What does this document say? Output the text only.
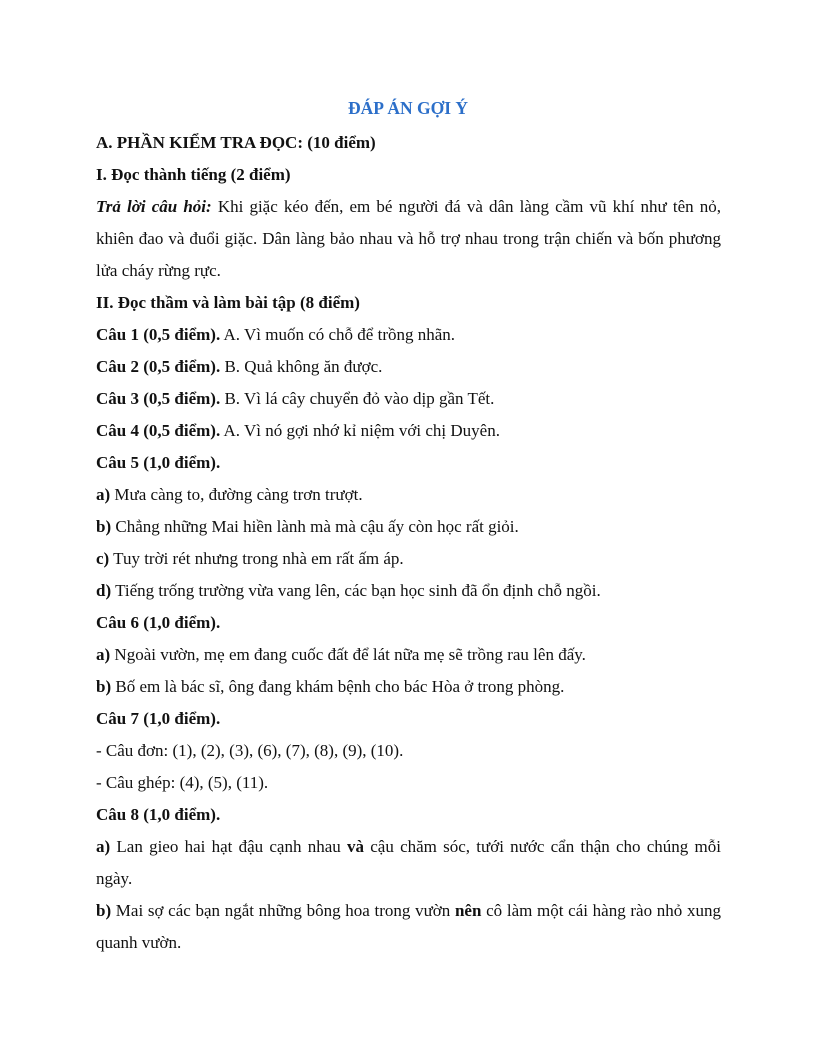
ĐÁP ÁN GỢI Ý

A. PHẦN KIỂM TRA ĐỌC: (10 điểm)

I. Đọc thành tiếng (2 điểm)

Trả lời câu hỏi: Khi giặc kéo đến, em bé người đá và dân làng cầm vũ khí như tên nỏ, khiên đao và đuổi giặc. Dân làng bảo nhau và hỗ trợ nhau trong trận chiến và bốn phương lửa cháy rừng rực.

II. Đọc thầm và làm bài tập (8 điểm)

Câu 1 (0,5 điểm). A. Vì muốn có chỗ để trồng nhãn.

Câu 2 (0,5 điểm). B. Quả không ăn được.

Câu 3 (0,5 điểm). B. Vì lá cây chuyển đỏ vào dịp gần Tết.

Câu 4 (0,5 điểm). A. Vì nó gợi nhớ kỉ niệm với chị Duyên.

Câu 5 (1,0 điểm).

a) Mưa càng to, đường càng trơn trượt.

b) Chẳng những Mai hiền lành mà mà cậu ấy còn học rất giỏi.

c) Tuy trời rét nhưng trong nhà em rất ấm áp.

d) Tiếng trống trường vừa vang lên, các bạn học sinh đã ổn định chỗ ngồi.

Câu 6 (1,0 điểm).

a) Ngoài vườn, mẹ em đang cuốc đất để lát nữa mẹ sẽ trồng rau lên đấy.

b) Bố em là bác sĩ, ông đang khám bệnh cho bác Hòa ở trong phòng.

Câu 7 (1,0 điểm).

- Câu đơn: (1), (2), (3), (6), (7), (8), (9), (10).

- Câu ghép: (4), (5), (11).

Câu 8 (1,0 điểm).

a) Lan gieo hai hạt đậu cạnh nhau và cậu chăm sóc, tưới nước cẩn thận cho chúng mỗi ngày.

b) Mai sợ các bạn ngắt những bông hoa trong vườn nên cô làm một cái hàng rào nhỏ xung quanh vườn.
